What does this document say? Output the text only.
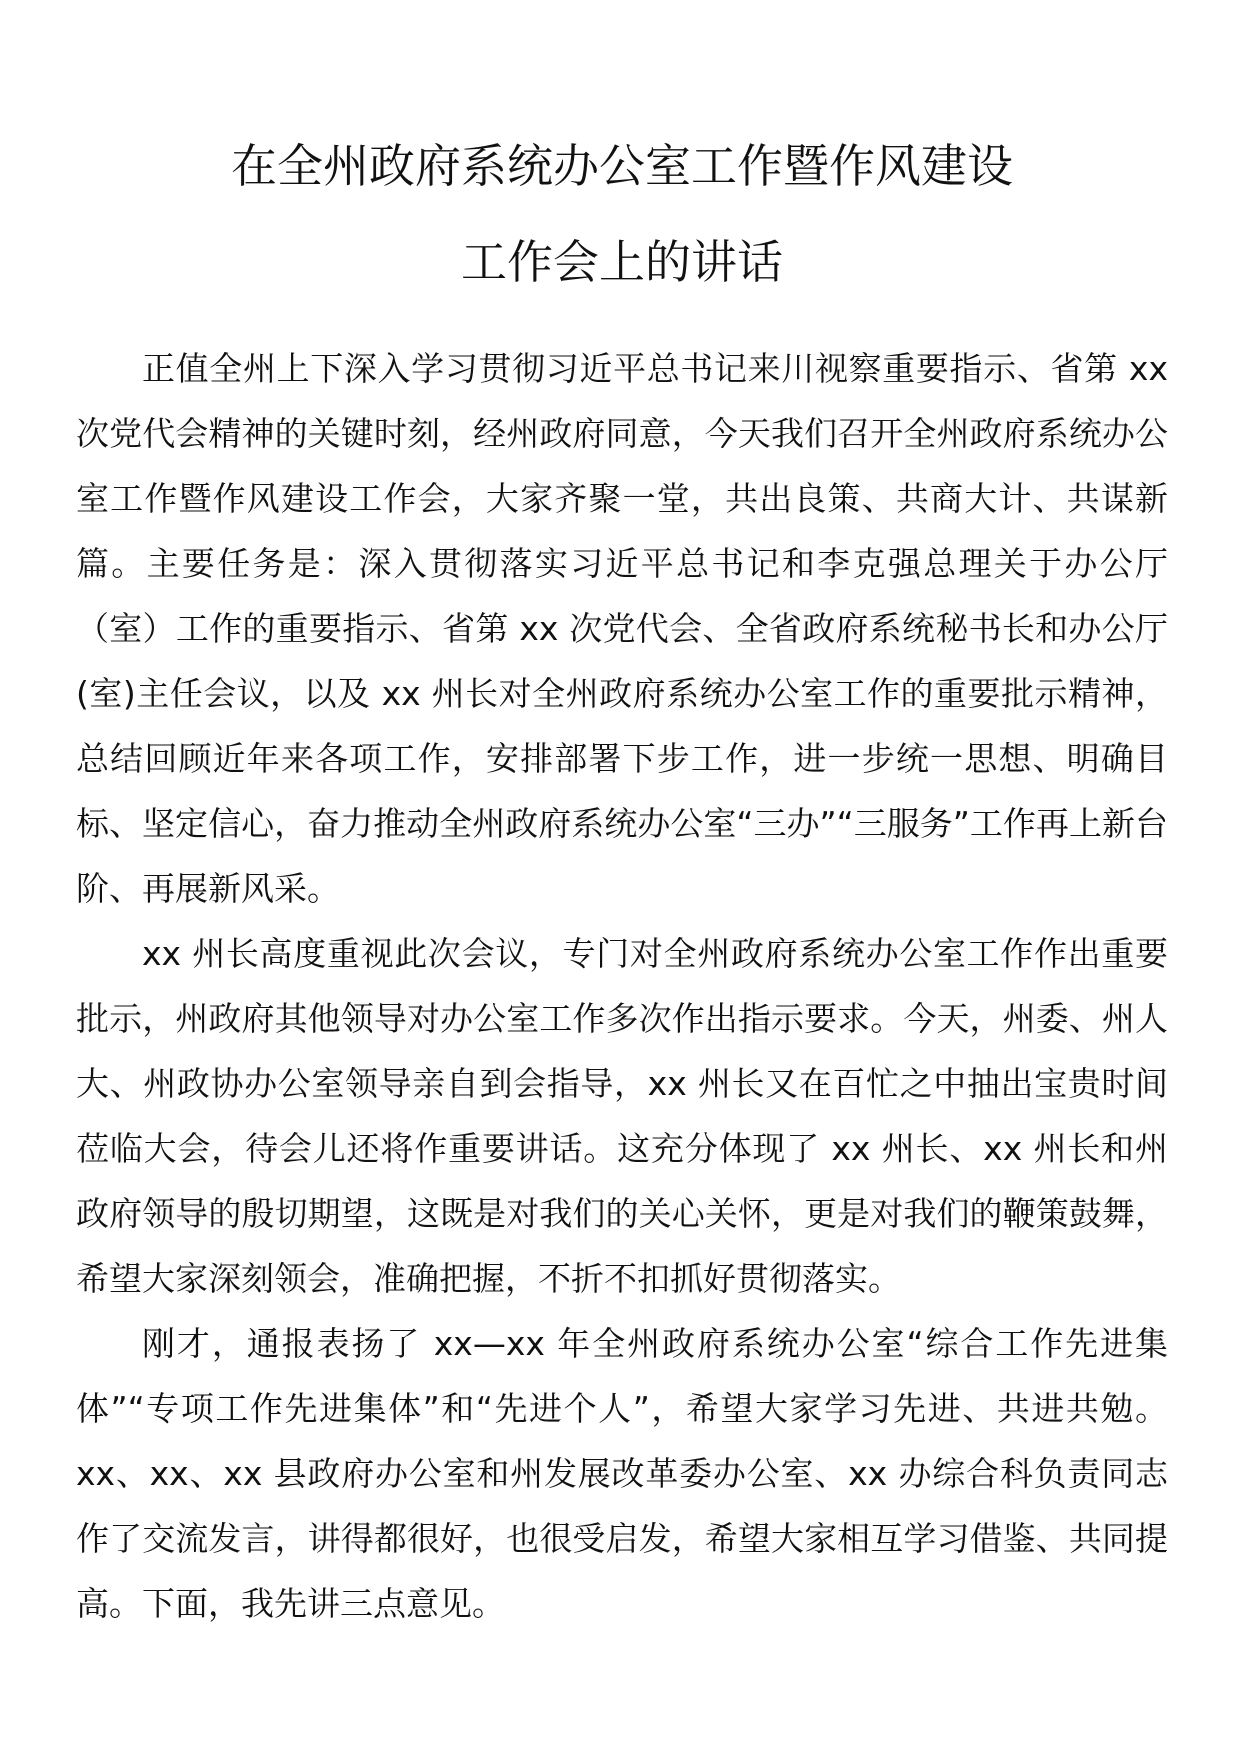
在全州政府系统办公室工作暨作风建设
工作会上的讲话

正值全州上下深入学习贯彻习近平总书记来川视察重要指示、省第 xx 次党代会精神的关键时刻，经州政府同意，今天我们召开全州政府系统办公室工作暨作风建设工作会，大家齐聚一堂，共出良策、共商大计、共谋新篇。主要任务是：深入贯彻落实习近平总书记和李克强总理关于办公厅（室）工作的重要指示、省第 xx 次党代会、全省政府系统秘书长和办公厅(室)主任会议，以及 xx 州长对全州政府系统办公室工作的重要批示精神，总结回顾近年来各项工作，安排部署下步工作，进一步统一思想、明确目标、坚定信心，奋力推动全州政府系统办公室“三办”“三服务”工作再上新台阶、再展新风采。

xx 州长高度重视此次会议，专门对全州政府系统办公室工作作出重要批示，州政府其他领导对办公室工作多次作出指示要求。今天，州委、州人大、州政协办公室领导亲自到会指导，xx 州长又在百忙之中抽出宝贵时间莅临大会，待会儿还将作重要讲话。这充分体现了 xx 州长、xx 州长和州政府领导的殷切期望，这既是对我们的关心关怀，更是对我们的鞭策鼓舞，希望大家深刻领会，准确把握，不折不扣抓好贯彻落实。

刚才，通报表扬了 xx—xx 年全州政府系统办公室“综合工作先进集体”“专项工作先进集体”和“先进个人”，希望大家学习先进、共进共勉。xx、xx、xx 县政府办公室和州发展改革委办公室、xx 办综合科负责同志作了交流发言，讲得都很好，也很受启发，希望大家相互学习借鉴、共同提高。下面，我先讲三点意见。
